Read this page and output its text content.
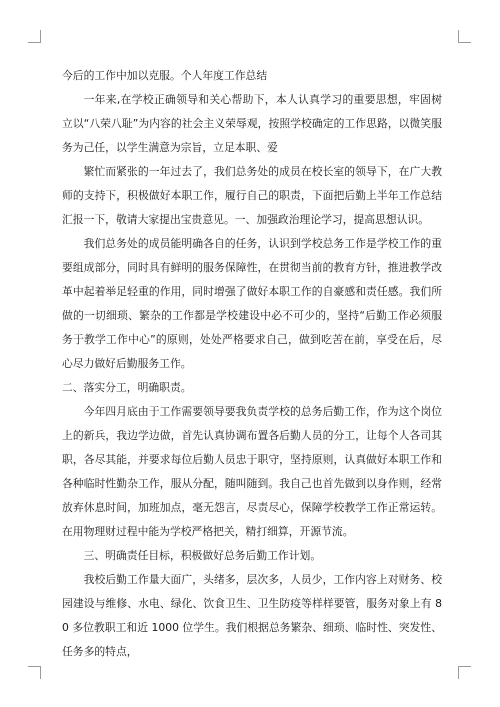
今后的工作中加以克服。个人年度工作总结

一年来,在学校正确领导和关心帮助下，本人认真学习的重要思想，牢固树立以“八荣八耻”为内容的社会主义荣辱观，按照学校确定的工作思路，以微笑服务为己任，以学生满意为宗旨，立足本职、爱

繁忙而紧张的一年过去了，我们总务处的成员在校长室的领导下，在广大教师的支持下，积极做好本职工作，履行自己的职责，下面把后勤上半年工作总结汇报一下，敬请大家提出宝贵意见。一、加强政治理论学习，提高思想认识。

我们总务处的成员能明确各自的任务，认识到学校总务工作是学校工作的重要组成部分，同时具有鲜明的服务保障性，在贯彻当前的教育方针，推进教学改革中起着举足轻重的作用，同时增强了做好本职工作的自豪感和责任感。我们所做的一切细琐、繁杂的工作都是学校建设中必不可少的，坚持“后勤工作必须服务于教学工作中心”的原则，处处严格要求自己，做到吃苦在前，享受在后，尽心尽力做好后勤服务工作。

二、落实分工，明确职责。

今年四月底由于工作需要领导要我负责学校的总务后勤工作，作为这个岗位上的新兵，我边学边做，首先认真协调布置各后勤人员的分工，让每个人各司其职，各尽其能，并要求每位后勤人员忠于职守，坚持原则，认真做好本职工作和各种临时性勤杂工作，服从分配，随叫随到。我自己也首先做到以身作则，经常放弃休息时间，加班加点，毫无怨言，尽责尽心，保障学校教学工作正常运转。在用物理财过程中能为学校严格把关，精打细算，开源节流。

三、明确责任目标，积极做好总务后勤工作计划。

我校后勤工作量大面广，头绪多，层次多，人员少，工作内容上对财务、校园建设与维修、水电、绿化、饮食卫生、卫生防疫等样样要管，服务对象上有 80 多位教职工和近 1000 位学生。我们根据总务繁杂、细琐、临时性、突发性、任务多的特点，
